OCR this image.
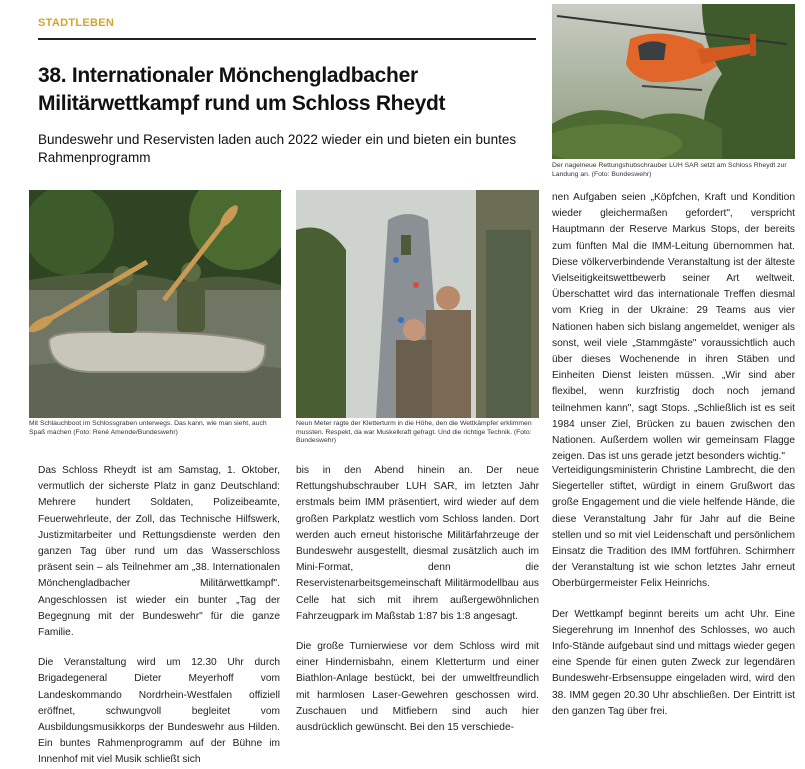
STADTLEBEN
38. Internationaler Mönchengladbacher
Militärwettkampf rund um Schloss Rheydt
Bundeswehr und Reservisten laden auch 2022 wieder ein und bieten ein buntes Rahmenprogramm
Der nagelneue Rettungshubschrauber LUH SAR setzt am Schloss Rheydt zur Landung an. (Foto: Bundeswehr)
Mit Schlauchboot im Schlossgraben unterwegs. Das kann, wie man sieht, auch Spaß machen (Foto: René Amende/Bundeswehr)
Neun Meter ragte der Kletterturm in die Höhe, den die Wettkämpfer erklimmen mussten. Respekt, da war Muskelkraft gefragt. Und die richtige Technik. (Foto: Bundeswehr)

nen Aufgaben seien „Köpfchen, Kraft und Kondition wieder gleichermaßen gefordert", verspricht Hauptmann der Reserve Markus Stops, der bereits zum fünften Mal die IMM-Leitung übernommen hat. Diese völkerverbindende Veranstaltung ist der älteste Vielseitigkeitswettbewerb seiner Art weltweit. Überschattet wird das internationale Treffen diesmal vom Krieg in der Ukraine: 29 Teams aus vier Nationen haben sich bislang angemeldet, weniger als sonst, weil viele „Stammgäste" voraussichtlich auch über dieses Wochenende in ihren Stäben und Einheiten Dienst leisten müssen. „Wir sind aber flexibel, wenn kurzfristig doch noch jemand teilnehmen kann", sagt Stops. „Schließlich ist es seit 1984 unser Ziel, Brücken zu bauen zwischen den Nationen. Außerdem wollen wir gemeinsam Flagge zeigen. Das ist uns gerade jetzt besonders wichtig."

Das Schloss Rheydt ist am Samstag, 1. Oktober, vermutlich der sicherste Platz in ganz Deutschland: Mehrere hundert Soldaten, Polizeibeamte, Feuerwehrleute, der Zoll, das Technische Hilfswerk, Justizmitarbeiter und Rettungsdienste werden den ganzen Tag über rund um das Wasserschloss präsent sein – als Teilnehmer am „38. Internationalen Mönchengladbacher Militärwettkampf". Angeschlossen ist wieder ein bunter „Tag der Begegnung mit der Bundeswehr" für die ganze Familie.

Die Veranstaltung wird um 12.30 Uhr durch Brigadegeneral Dieter Meyerhoff vom Landeskommando Nordrhein-Westfalen offiziell eröffnet, schwungvoll begleitet vom Ausbildungsmusikkorps der Bundeswehr aus Hilden. Ein buntes Rahmenprogramm auf der Bühne im Innenhof mit viel Musik schließt sich

bis in den Abend hinein an. Der neue Rettungshubschrauber LUH SAR, im letzten Jahr erstmals beim IMM präsentiert, wird wieder auf dem großen Parkplatz westlich vom Schloss landen. Dort werden auch erneut historische Militärfahrzeuge der Bundeswehr ausgestellt, diesmal zusätzlich auch im Mini-Format, denn die Reservistenarbeitsgemeinschaft Militärmodellbau aus Celle hat sich mit ihrem außergewöhnlichen Fahrzeugpark im Maßstab 1:87 bis 1:8 angesagt.

Die große Turnierwiese vor dem Schloss wird mit einer Hindernisbahn, einem Kletterturm und einer Biathlon-Anlage bestückt, bei der umweltfreundlich mit harmlosen Laser-Gewehren geschossen wird. Zuschauen und Mitfiebern sind auch hier ausdrücklich gewünscht. Bei den 15 verschiede-

Verteidigungsministerin Christine Lambrecht, die den Siegerteller stiftet, würdigt in einem Grußwort das große Engagement und die viele helfende Hände, die diese Veranstaltung Jahr für Jahr auf die Beine stellen und so mit viel Leidenschaft und persönlichem Einsatz die Tradition des IMM fortführen. Schirmherr der Veranstaltung ist wie schon letztes Jahr erneut Oberbürgermeister Felix Heinrichs.

Der Wettkampf beginnt bereits um acht Uhr. Eine Siegerehrung im Innenhof des Schlosses, wo auch Info-Stände aufgebaut sind und mittags wieder gegen eine Spende für einen guten Zweck zur legendären Bundeswehr-Erbsensuppe eingeladen wird, wird den 38. IMM gegen 20.30 Uhr abschließen. Der Eintritt ist den ganzen Tag über frei.
